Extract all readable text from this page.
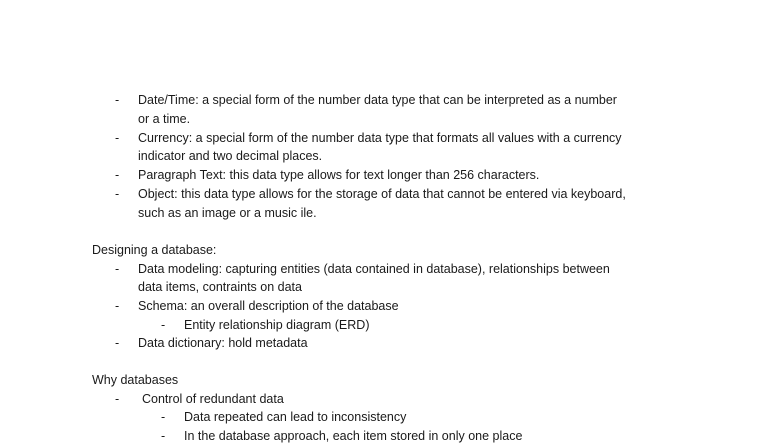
- Date/Time: a special form of the number data type that can be interpreted as a number
or a time.
- Currency: a special form of the number data type that formats all values with a currency
indicator and two decimal places.
- Paragraph Text: this data type allows for text longer than 256 characters.
- Object: this data type allows for the storage of data that cannot be entered via keyboard,
such as an image or a music ile.
Designing a database:
- Data modeling: capturing entities (data contained in database), relationships between
data items, contraints on data
- Schema: an overall description of the database
- Entity relationship diagram (ERD)
- Data dictionary: hold metadata
Why databases
- Control of redundant data
- Data repeated can lead to inconsistency
- In the database approach, each item stored in only one place
